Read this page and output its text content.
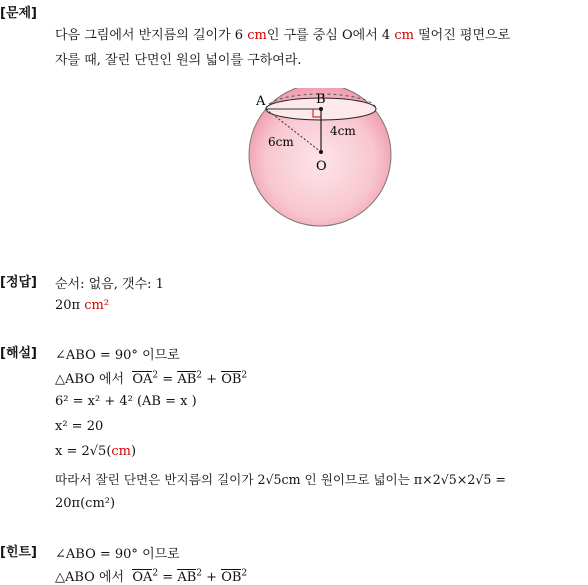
[문제]
다음 그림에서 반지름의 길이가 6 cm인 구를 중심 O에서 4 cm 떨어진 평면으로
자를 때, 잘린 단면인 원의 넓이를 구하여라.
A	B
O
6cm
4cm
[정답] 순서: 없음, 갯수: 1
20π cm²
[해설] ∠ABO = 90° 이므로
△ABO 에서 $OA^2 = AB^2 + OB^2$
6² = x² + 4² (AB = x )
x² = 20
x = 2√5(cm)
따라서 잘린 단면은 반지름의 길이가 2√5cm 인 원이므로 넓이는 π×2√5×2√5 =
20π(cm²)
[힌트] ∠ABO = 90° 이므로
△ABO 에서 $OA^2 = AB^2 + OB^2$
